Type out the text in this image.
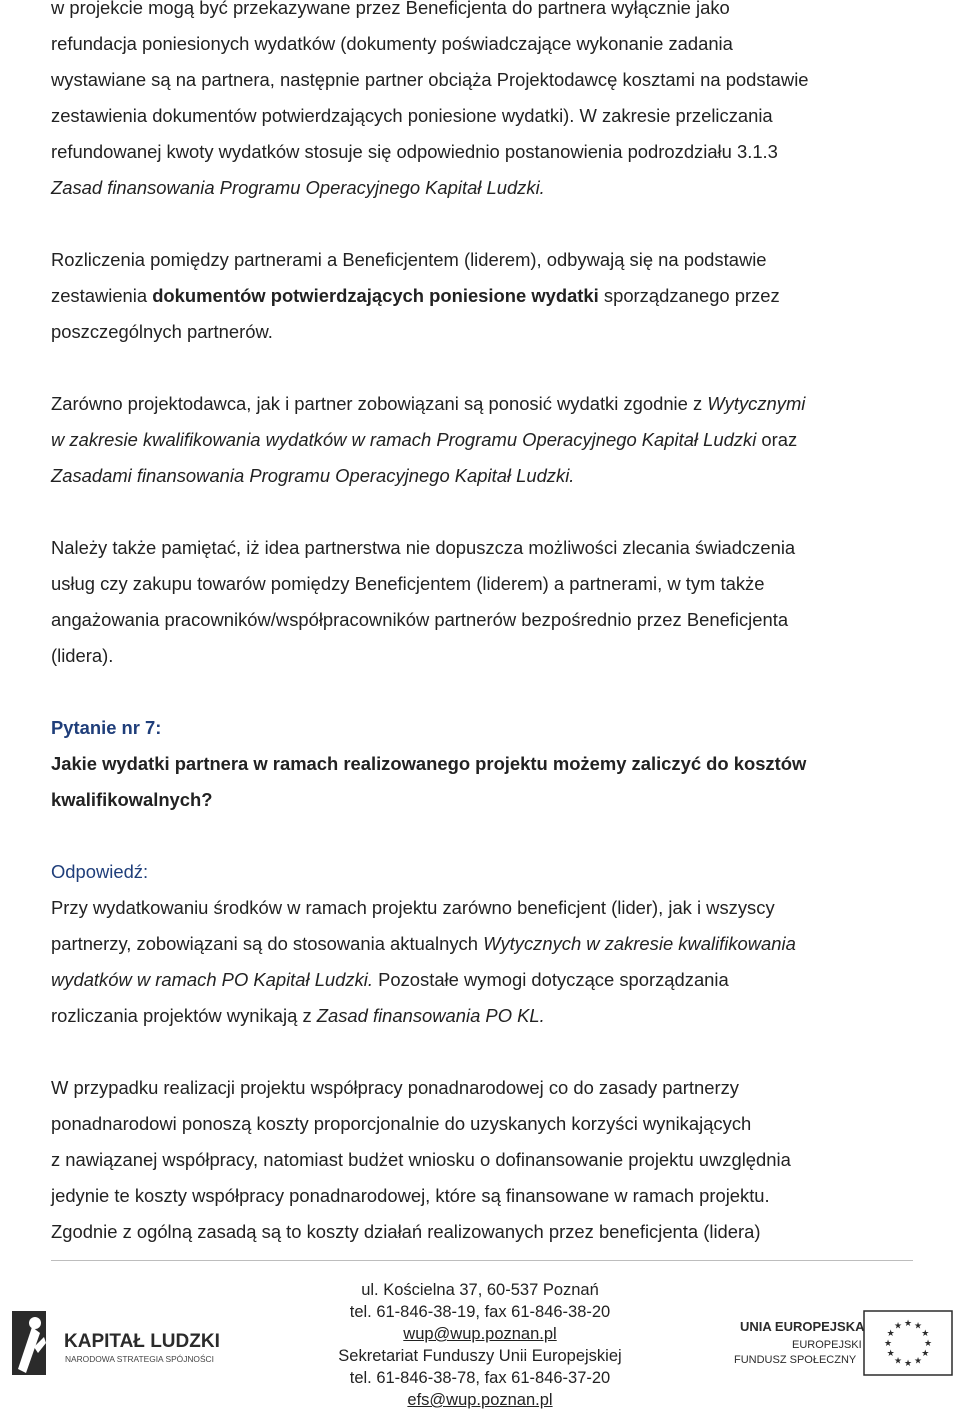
w projekcie mogą być przekazywane przez Beneficjenta do partnera wyłącznie jako

refundacja poniesionych wydatków (dokumenty poświadczające wykonanie zadania

wystawiane są na partnera, następnie partner obciąża Projektodawcę kosztami na podstawie

zestawienia dokumentów potwierdzających poniesione wydatki). W zakresie przeliczania

refundowanej kwoty wydatków stosuje się odpowiednio postanowienia podrozdziału 3.1.3

Zasad finansowania Programu Operacyjnego Kapitał Ludzki.

Rozliczenia pomiędzy partnerami a Beneficjentem (liderem), odbywają się na podstawie

zestawienia dokumentów potwierdzających poniesione wydatki sporządzanego przez

poszczególnych partnerów.

Zarówno projektodawca, jak i partner zobowiązani są ponosić wydatki zgodnie z Wytycznymi

w zakresie kwalifikowania wydatków w ramach Programu Operacyjnego Kapitał Ludzki oraz

Zasadami finansowania Programu Operacyjnego Kapitał Ludzki.

Należy także pamiętać, iż idea partnerstwa nie dopuszcza możliwości zlecania świadczenia

usług czy zakupu towarów pomiędzy Beneficjentem (liderem) a partnerami, w tym także

angażowania pracowników/współpracowników partnerów bezpośrednio przez Beneficjenta

(lidera).

Pytanie nr 7:

Jakie wydatki partnera w ramach realizowanego projektu możemy zaliczyć do kosztów

kwalifikowalnych?

Odpowiedź:

Przy wydatkowaniu środków w ramach projektu zarówno beneficjent (lider), jak i wszyscy

partnerzy, zobowiązani są do stosowania aktualnych Wytycznych w zakresie kwalifikowania

wydatków w ramach PO Kapitał Ludzki. Pozostałe wymogi dotyczące sporządzania

rozliczania projektów wynikają z Zasad finansowania PO KL.

W przypadku realizacji projektu współpracy ponadnarodowej co do zasady partnerzy

ponadnarodowi ponoszą koszty proporcjonalnie do uzyskanych korzyści wynikających

z nawiązanej współpracy, natomiast budżet wniosku o dofinansowanie projektu uwzględnia

jedynie te koszty współpracy ponadnarodowej, które są finansowane w ramach projektu.

Zgodnie z ogólną zasadą są to koszty działań realizowanych przez beneficjenta (lidera)

KAPITAŁ LUDZKI
NARODOWA STRATEGIA SPÓJNOŚCI
ul. Kościelna 37, 60-537 Poznań
tel. 61-846-38-19, fax 61-846-38-20
wup@wup.poznan.pl
Sekretariat Funduszy Unii Europejskiej
tel. 61-846-38-78, fax 61-846-37-20
efs@wup.poznan.pl
UNIA EUROPEJSKA
EUROPEJSKI
FUNDUSZ SPOŁECZNY
★ ★
★
★
★
★
★
★
★
★
★
★
